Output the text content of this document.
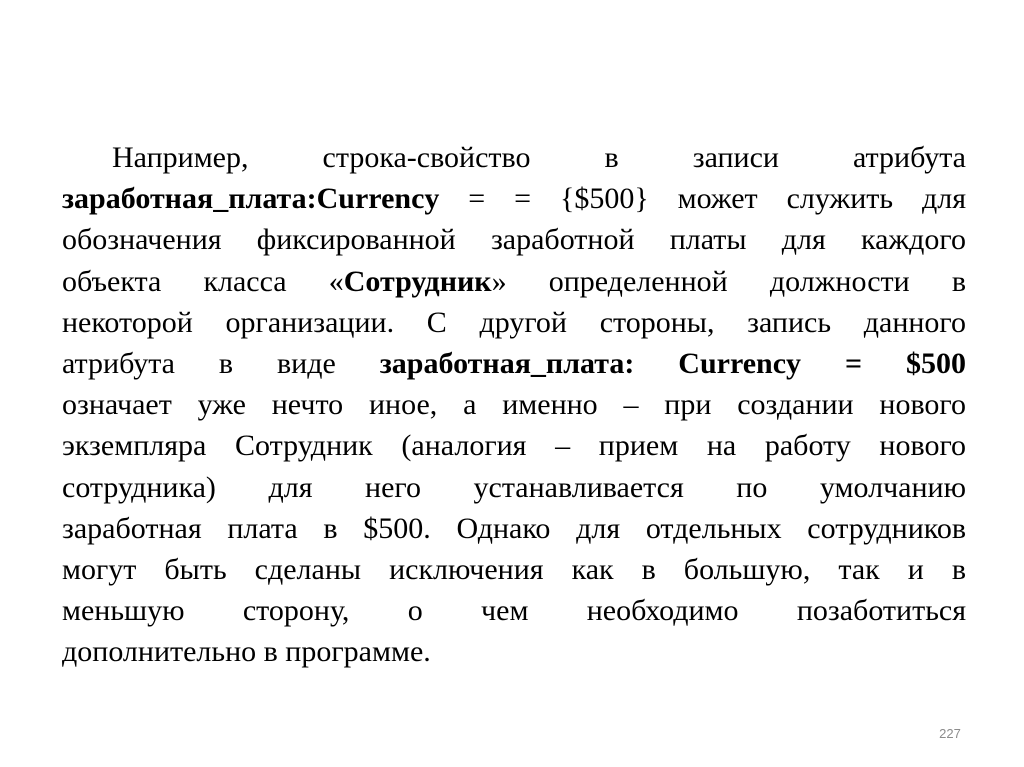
Например, строка-свойство в записи атрибута
заработная_плата:Currency = = {$500} может служить для
обозначения фиксированной заработной платы для каждого
объекта класса «Сотрудник» определенной должности в
некоторой организации. С другой стороны, запись данного
атрибута в виде заработная_плата: Currency = $500
означает уже нечто иное, а именно – при создании нового
экземпляра Сотрудник (аналогия – прием на работу нового
сотрудника) для него устанавливается по умолчанию
заработная плата в $500. Однако для отдельных сотрудников
могут быть сделаны исключения как в большую, так и в
меньшую сторону, о чем необходимо позаботиться
дополнительно в программе.
227
